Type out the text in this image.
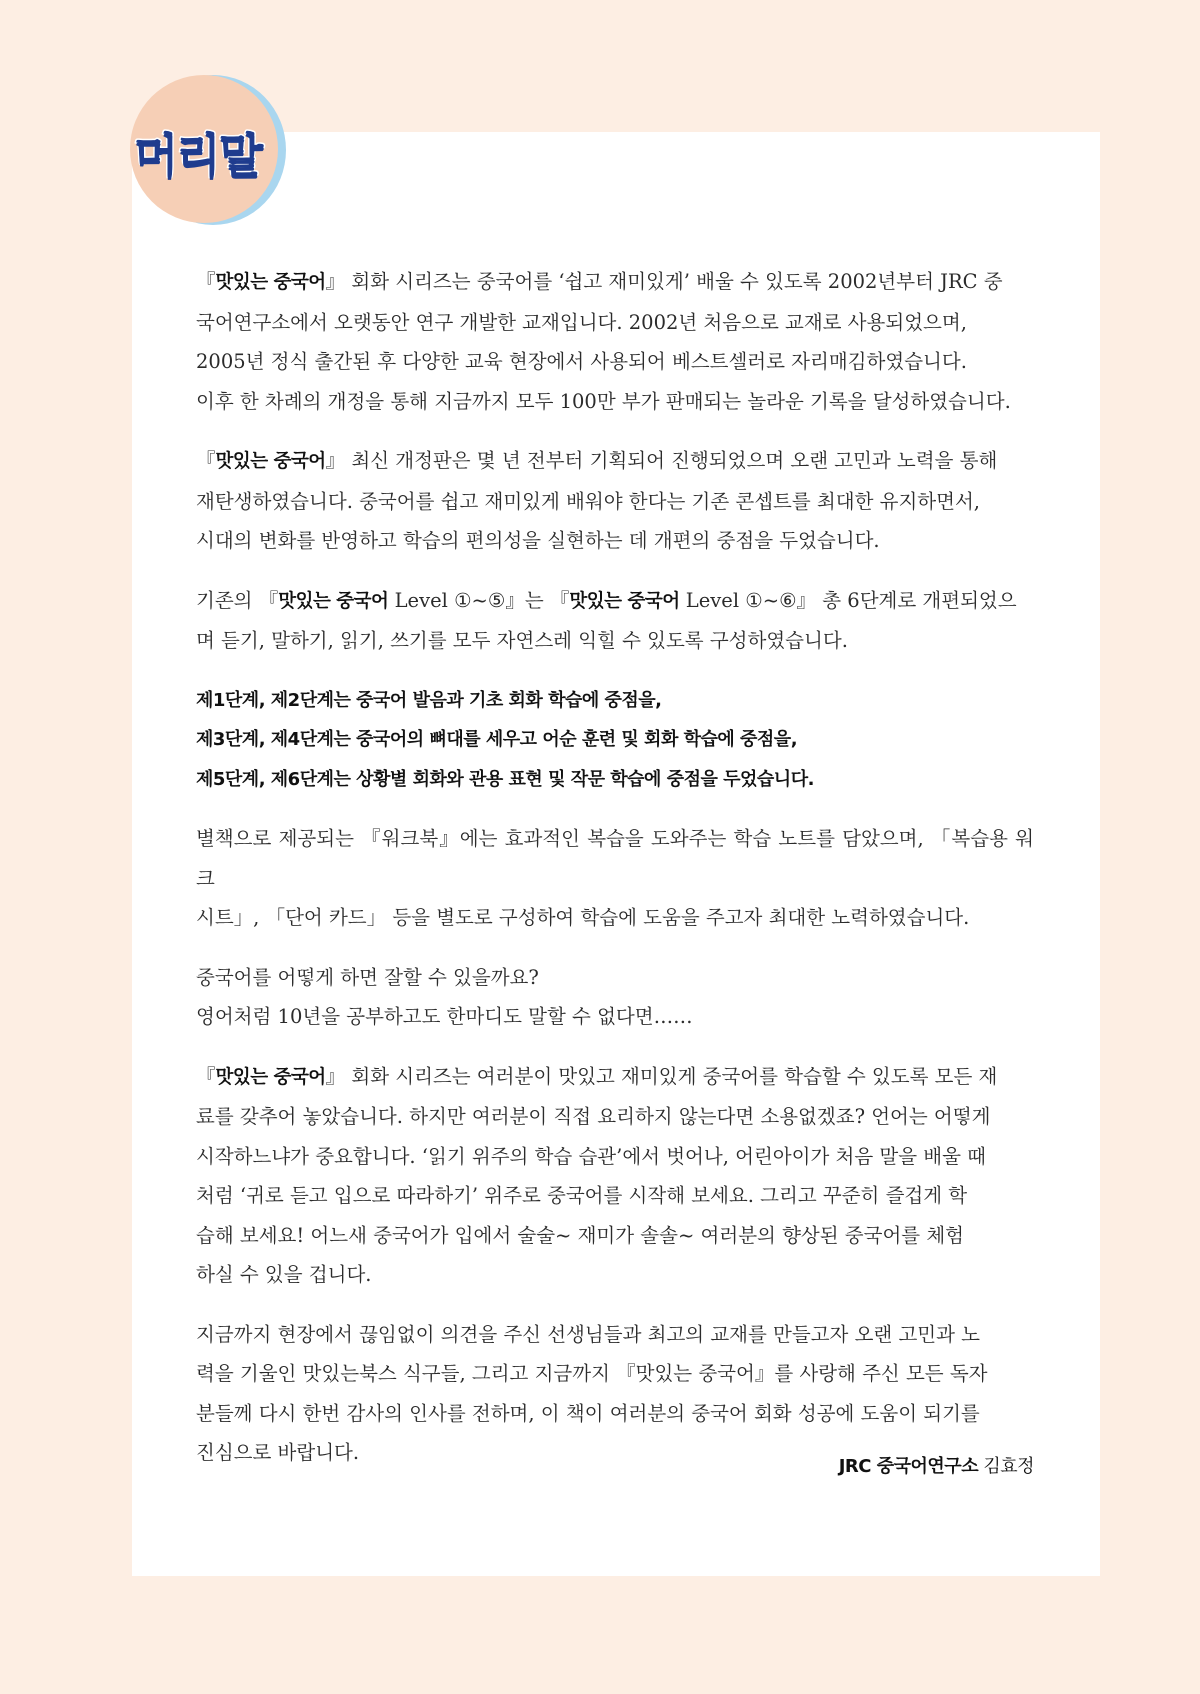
머리말

『맛있는 중국어』 회화 시리즈는 중국어를 ‘쉽고 재미있게’ 배울 수 있도록 2002년부터 JRC 중
국어연구소에서 오랫동안 연구 개발한 교재입니다. 2002년 처음으로 교재로 사용되었으며,
2005년 정식 출간된 후 다양한 교육 현장에서 사용되어 베스트셀러로 자리매김하였습니다.
이후 한 차례의 개정을 통해 지금까지 모두 100만 부가 판매되는 놀라운 기록을 달성하였습니다.

『맛있는 중국어』 최신 개정판은 몇 년 전부터 기획되어 진행되었으며 오랜 고민과 노력을 통해
재탄생하였습니다. 중국어를 쉽고 재미있게 배워야 한다는 기존 콘셉트를 최대한 유지하면서,
시대의 변화를 반영하고 학습의 편의성을 실현하는 데 개편의 중점을 두었습니다.

기존의 『맛있는 중국어 Level ①~⑤』는 『맛있는 중국어 Level ①~⑥』 총 6단계로 개편되었으
며 듣기, 말하기, 읽기, 쓰기를 모두 자연스레 익힐 수 있도록 구성하였습니다.

제1단계, 제2단계는 중국어 발음과 기초 회화 학습에 중점을,
제3단계, 제4단계는 중국어의 뼈대를 세우고 어순 훈련 및 회화 학습에 중점을,
제5단계, 제6단계는 상황별 회화와 관용 표현 및 작문 학습에 중점을 두었습니다.

별책으로 제공되는 『워크북』에는 효과적인 복습을 도와주는 학습 노트를 담았으며, 「복습용 워크
시트」, 「단어 카드」 등을 별도로 구성하여 학습에 도움을 주고자 최대한 노력하였습니다.

중국어를 어떻게 하면 잘할 수 있을까요?
영어처럼 10년을 공부하고도 한마디도 말할 수 없다면……

『맛있는 중국어』 회화 시리즈는 여러분이 맛있고 재미있게 중국어를 학습할 수 있도록 모든 재
료를 갖추어 놓았습니다. 하지만 여러분이 직접 요리하지 않는다면 소용없겠죠? 언어는 어떻게
시작하느냐가 중요합니다. ‘읽기 위주의 학습 습관’에서 벗어나, 어린아이가 처음 말을 배울 때
처럼 ‘귀로 듣고 입으로 따라하기’ 위주로 중국어를 시작해 보세요. 그리고 꾸준히 즐겁게 학
습해 보세요! 어느새 중국어가 입에서 술술~ 재미가 솔솔~ 여러분의 향상된 중국어를 체험
하실 수 있을 겁니다.

지금까지 현장에서 끊임없이 의견을 주신 선생님들과 최고의 교재를 만들고자 오랜 고민과 노
력을 기울인 맛있는북스 식구들, 그리고 지금까지 『맛있는 중국어』를 사랑해 주신 모든 독자
분들께 다시 한번 감사의 인사를 전하며, 이 책이 여러분의 중국어 회화 성공에 도움이 되기를
진심으로 바랍니다.

JRC 중국어연구소 김효정
